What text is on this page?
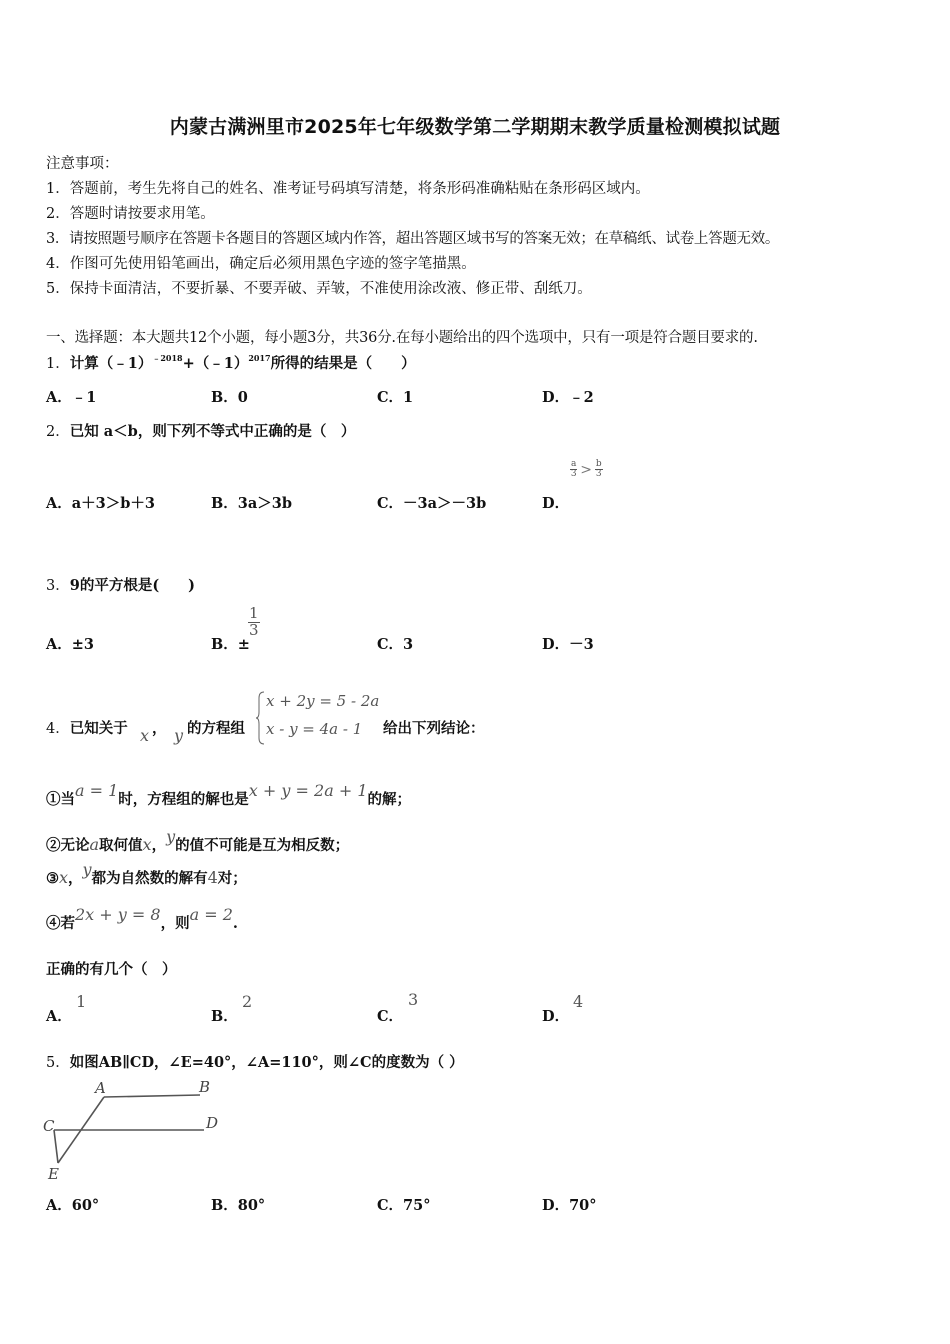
内蒙古满洲里市2025年七年级数学第二学期期末教学质量检测模拟试题
注意事项：
1．答题前，考生先将自己的姓名、准考证号码填写清楚，将条形码准确粘贴在条形码区域内。
2．答题时请按要求用笔。
3．请按照题号顺序在答题卡各题目的答题区域内作答，超出答题区域书写的答案无效；在草稿纸、试卷上答题无效。
4．作图可先使用铅笔画出，确定后必须用黑色字迹的签字笔描黑。
5．保持卡面清洁，不要折暴、不要弄破、弄皱，不准使用涂改液、修正带、刮纸刀。
一、选择题：本大题共12个小题，每小题3分，共36分.在每小题给出的四个选项中，只有一项是符合题目要求的.
1．计算（﹣1）$^{﹣2018}$+（﹣1）$^{2017}$所得的结果是（　　）
A．﹣1	B．0	C．1	D．﹣2
2．已知 a＜b，则下列不等式中正确的是（　）
A．a＋3＞b＋3	B．3a＞3b	C．－3a＞－3b	D．
$\frac{a}{3} > \frac{b}{3}$
3．9的平方根是(　　)
A．±3	B．±
$\frac{1}{3}$
C．3	D．－3
4．已知关于 x ， y 的方程组
x + 2y = 5 - 2a
x - y = 4a - 1 给出下列结论：
①当a = 1时，方程组的解也是x + y = 2a + 1的解；
②无论a取何值x，y的值不可能是互为相反数；
③x，y都为自然数的解有4对；
④若2x + y = 8，则a = 2.
正确的有几个（　）
A．
1
B．
2
C．
3
D．
4
5．如图AB∥CD，∠E=40°，∠A=110°，则∠C的度数为（ ）
A	B
C	D
E
A．60°	B．80°	C．75°	D．70°
